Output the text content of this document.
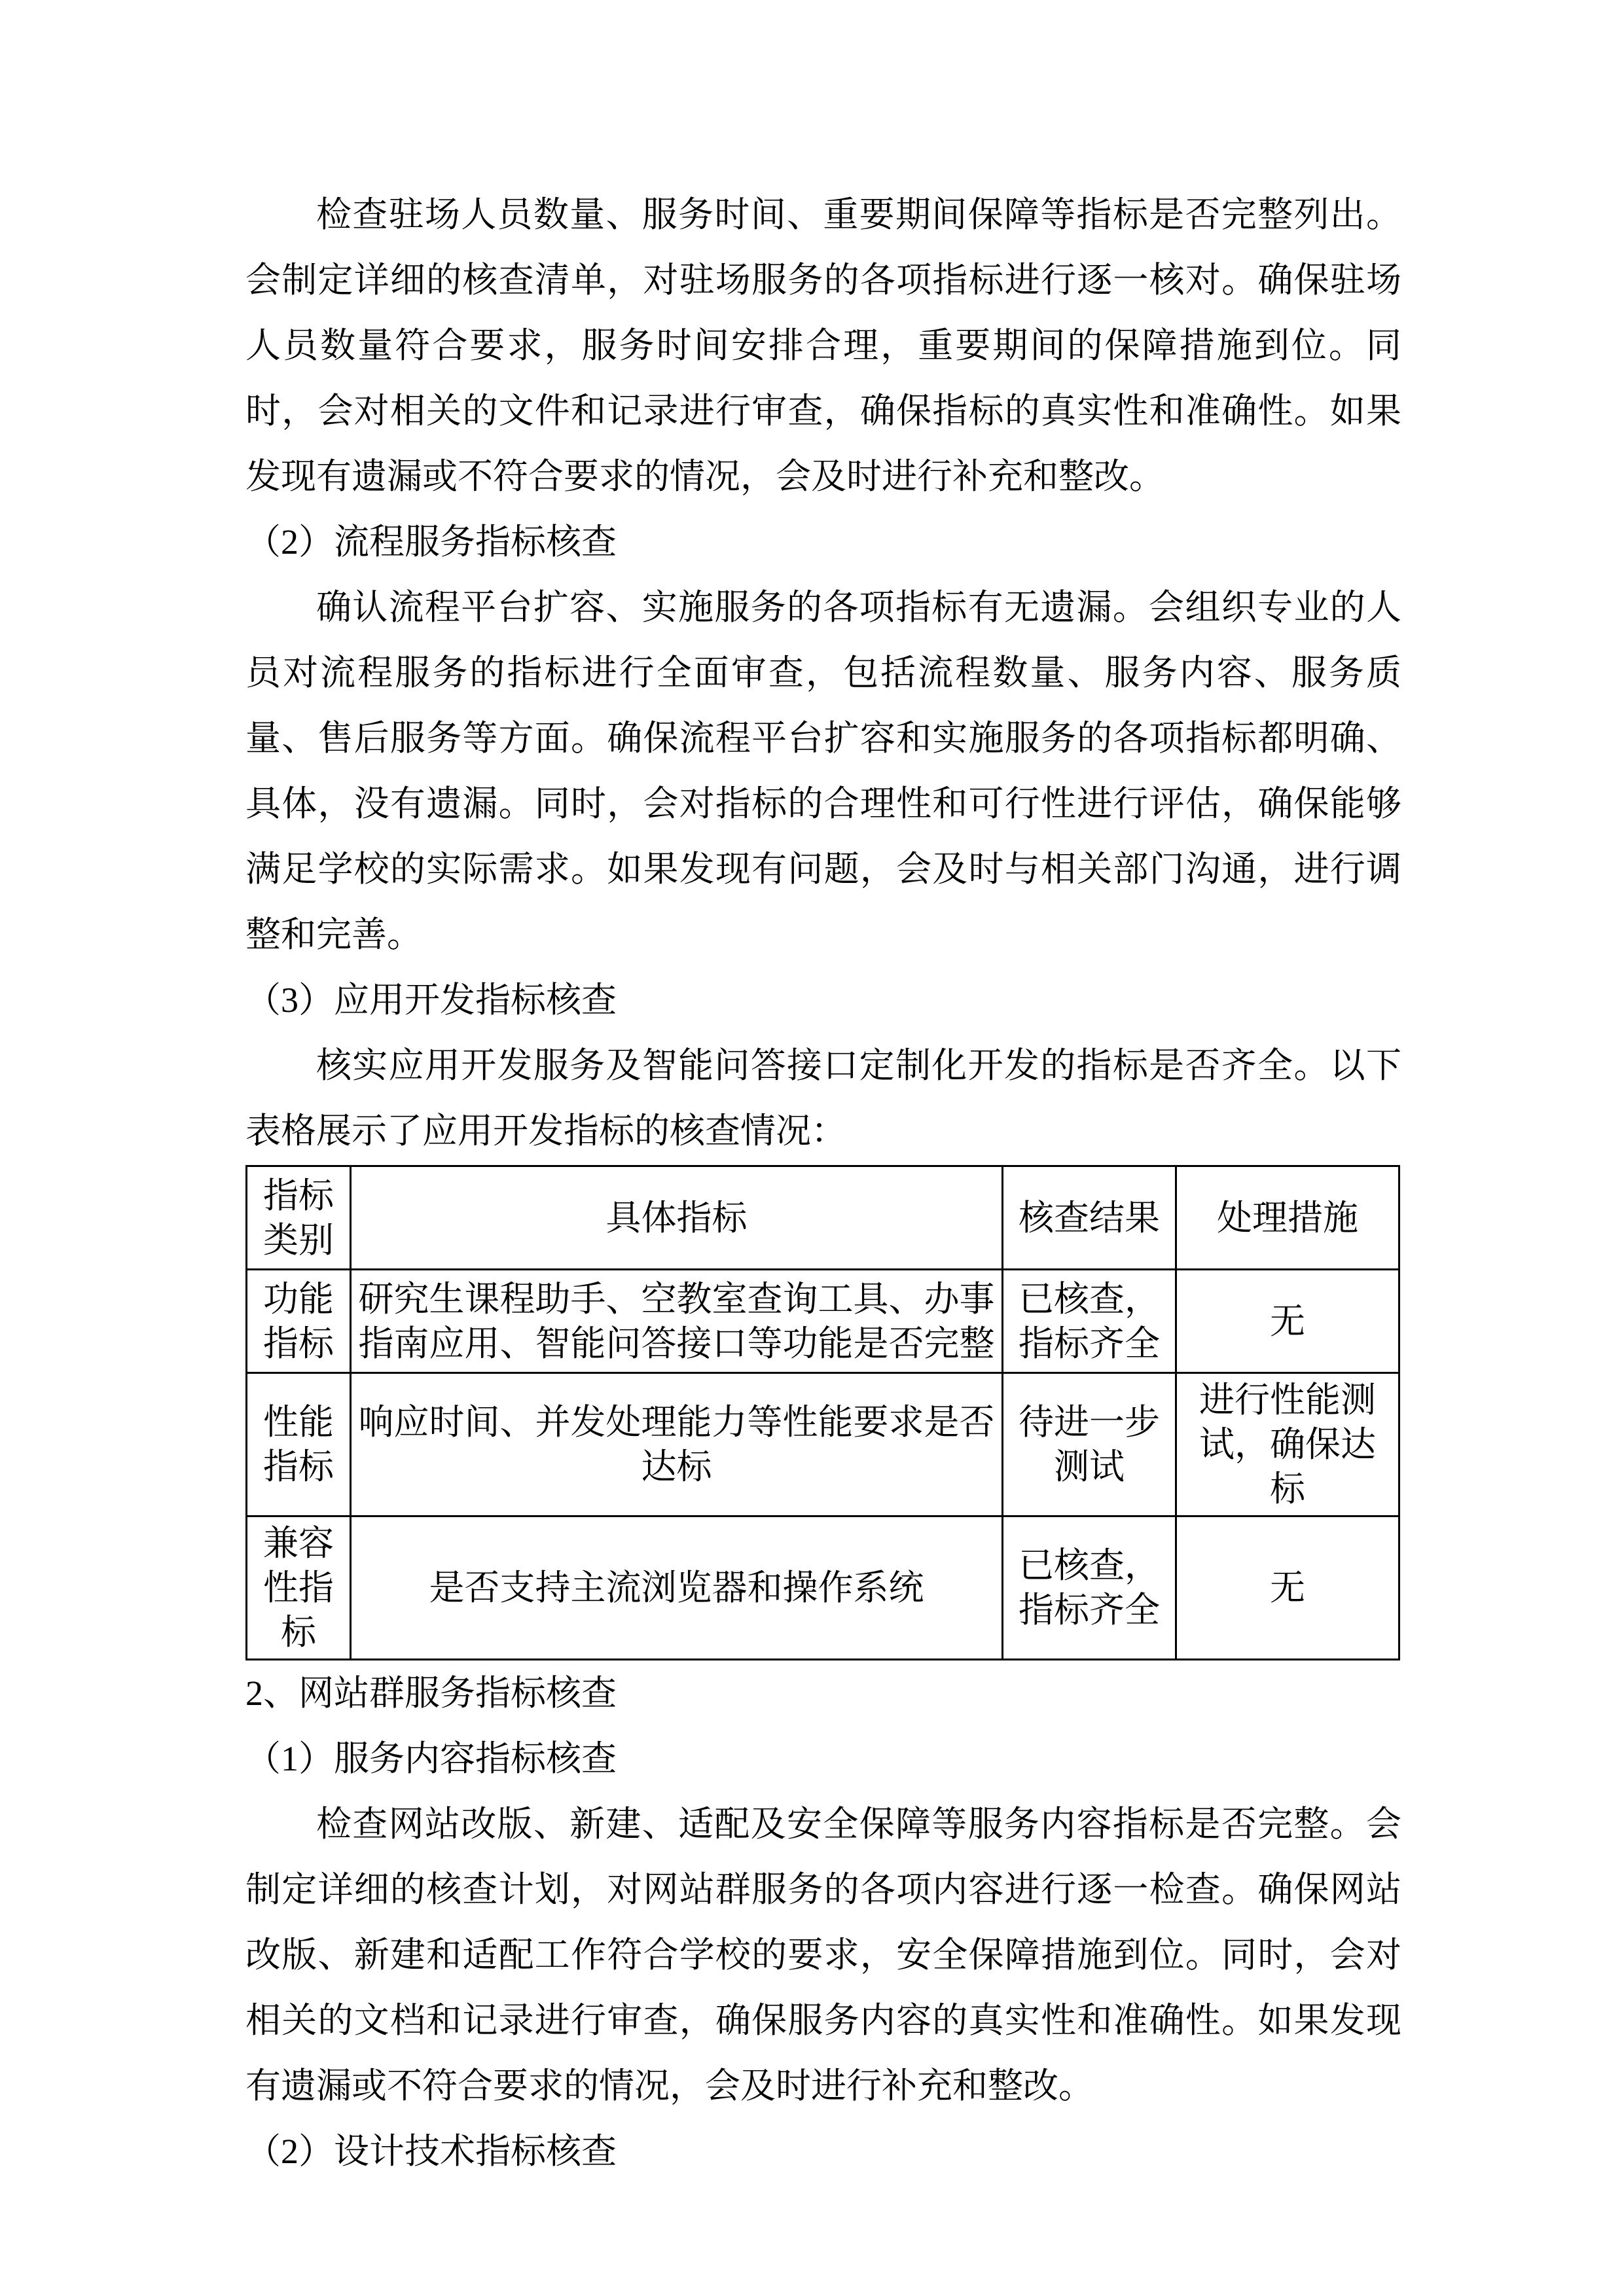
检查驻场人员数量、服务时间、重要期间保障等指标是否完整列出。会制定详细的核查清单，对驻场服务的各项指标进行逐一核对。确保驻场人员数量符合要求，服务时间安排合理，重要期间的保障措施到位。同时，会对相关的文件和记录进行审查，确保指标的真实性和准确性。如果发现有遗漏或不符合要求的情况，会及时进行补充和整改。

（2）流程服务指标核查

确认流程平台扩容、实施服务的各项指标有无遗漏。会组织专业的人员对流程服务的指标进行全面审查，包括流程数量、服务内容、服务质量、售后服务等方面。确保流程平台扩容和实施服务的各项指标都明确、具体，没有遗漏。同时，会对指标的合理性和可行性进行评估，确保能够满足学校的实际需求。如果发现有问题，会及时与相关部门沟通，进行调整和完善。

（3）应用开发指标核查

核实应用开发服务及智能问答接口定制化开发的指标是否齐全。以下表格展示了应用开发指标的核查情况：

指标类别	具体指标	核查结果	处理措施
功能指标	研究生课程助手、空教室查询工具、办事指南应用、智能问答接口等功能是否完整	已核查，指标齐全	无
性能指标	响应时间、并发处理能力等性能要求是否达标	待进一步测试	进行性能测试，确保达标
兼容性指标	是否支持主流浏览器和操作系统	已核查，指标齐全	无

2、网站群服务指标核查

（1）服务内容指标核查

检查网站改版、新建、适配及安全保障等服务内容指标是否完整。会制定详细的核查计划，对网站群服务的各项内容进行逐一检查。确保网站改版、新建和适配工作符合学校的要求，安全保障措施到位。同时，会对相关的文档和记录进行审查，确保服务内容的真实性和准确性。如果发现有遗漏或不符合要求的情况，会及时进行补充和整改。

（2）设计技术指标核查
